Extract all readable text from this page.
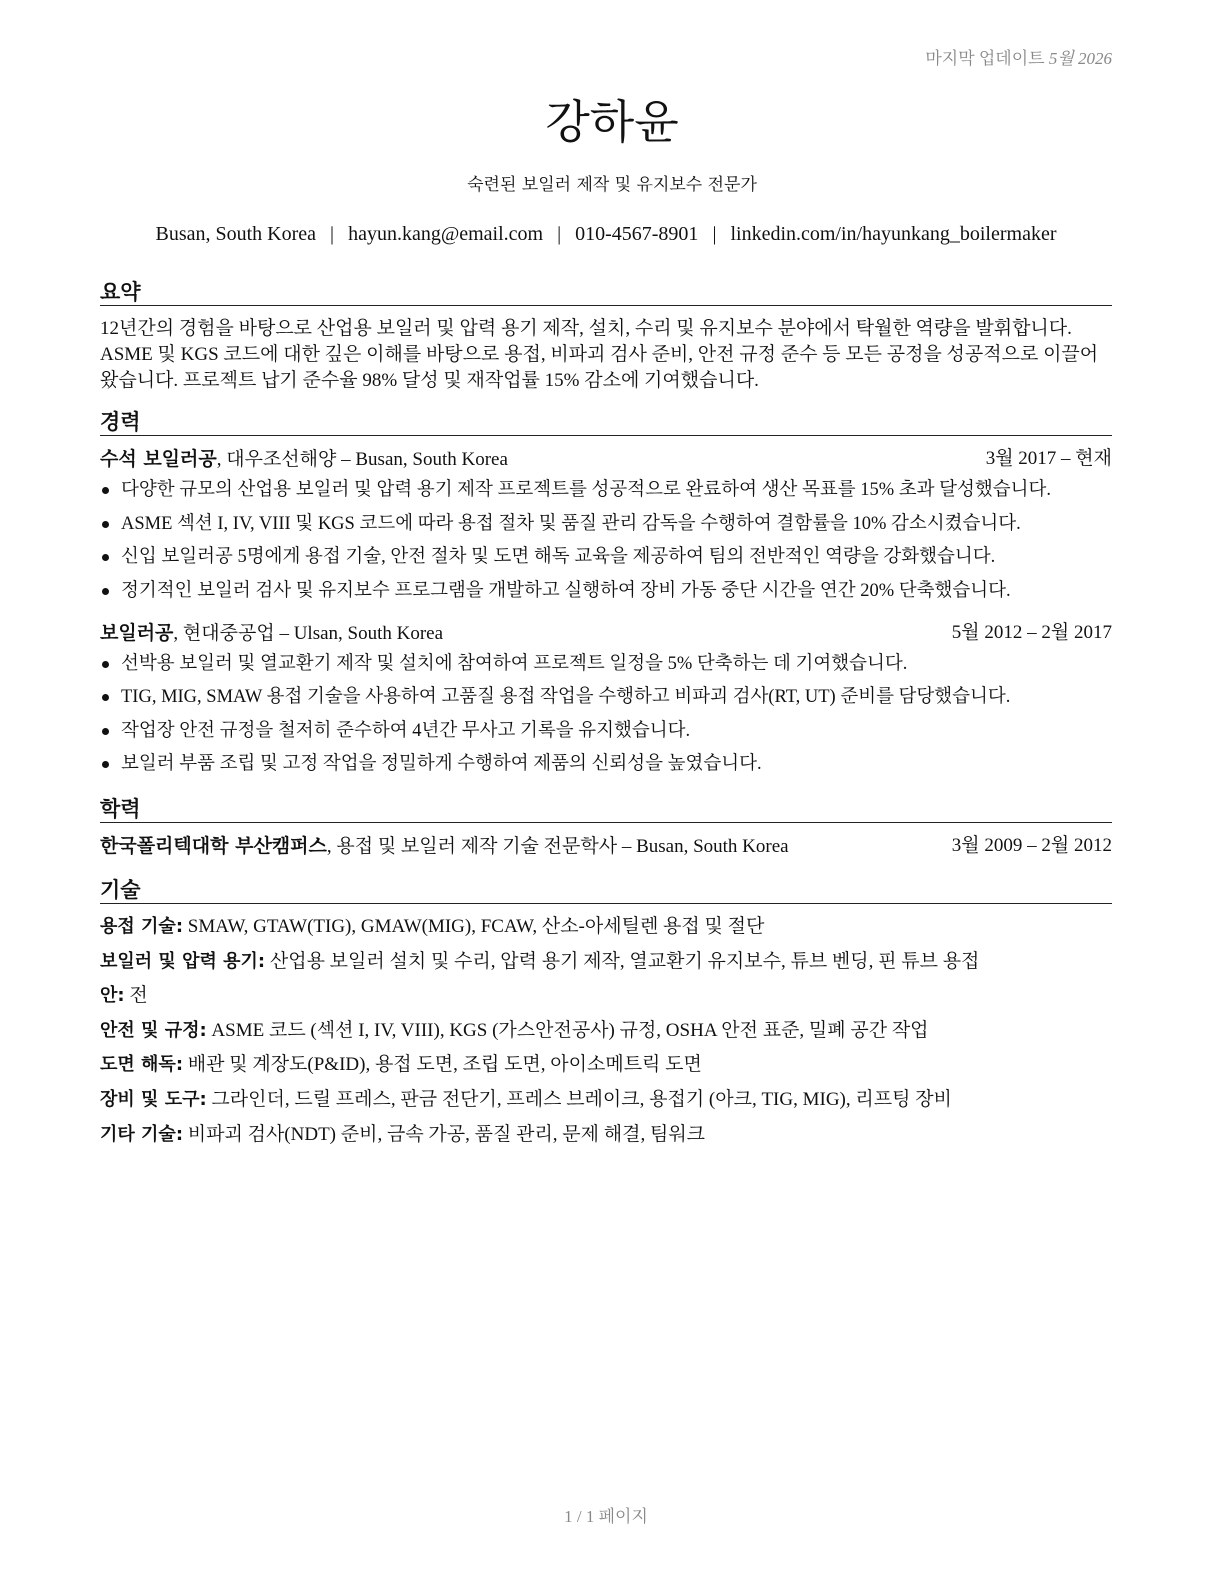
마지막 업데이트 5월 2026
강하윤
숙련된 보일러 제작 및 유지보수 전문가
Busan, South Korea | hayun.kang@email.com | 010-4567-8901 | linkedin.com/in/hayunkang_boilermaker
요약
12년간의 경험을 바탕으로 산업용 보일러 및 압력 용기 제작, 설치, 수리 및 유지보수 분야에서 탁월한 역량을 발휘합니다. ASME 및 KGS 코드에 대한 깊은 이해를 바탕으로 용접, 비파괴 검사 준비, 안전 규정 준수 등 모든 공정을 성공적으로 이끌어 왔습니다. 프로젝트 납기 준수율 98% 달성 및 재작업률 15% 감소에 기여했습니다.
경력
수석 보일러공, 대우조선해양 – Busan, South Korea	3월 2017 – 현재
다양한 규모의 산업용 보일러 및 압력 용기 제작 프로젝트를 성공적으로 완료하여 생산 목표를 15% 초과 달성했습니다.
ASME 섹션 I, IV, VIII 및 KGS 코드에 따라 용접 절차 및 품질 관리 감독을 수행하여 결함률을 10% 감소시켰습니다.
신입 보일러공 5명에게 용접 기술, 안전 절차 및 도면 해독 교육을 제공하여 팀의 전반적인 역량을 강화했습니다.
정기적인 보일러 검사 및 유지보수 프로그램을 개발하고 실행하여 장비 가동 중단 시간을 연간 20% 단축했습니다.
보일러공, 현대중공업 – Ulsan, South Korea	5월 2012 – 2월 2017
선박용 보일러 및 열교환기 제작 및 설치에 참여하여 프로젝트 일정을 5% 단축하는 데 기여했습니다.
TIG, MIG, SMAW 용접 기술을 사용하여 고품질 용접 작업을 수행하고 비파괴 검사(RT, UT) 준비를 담당했습니다.
작업장 안전 규정을 철저히 준수하여 4년간 무사고 기록을 유지했습니다.
보일러 부품 조립 및 고정 작업을 정밀하게 수행하여 제품의 신뢰성을 높였습니다.
학력
한국폴리텍대학 부산캠퍼스, 용접 및 보일러 제작 기술 전문학사 – Busan, South Korea	3월 2009 – 2월 2012
기술
용접 기술: SMAW, GTAW(TIG), GMAW(MIG), FCAW, 산소-아세틸렌 용접 및 절단
보일러 및 압력 용기: 산업용 보일러 설치 및 수리, 압력 용기 제작, 열교환기 유지보수, 튜브 벤딩, 핀 튜브 용접
안: 전
안전 및 규정: ASME 코드 (섹션 I, IV, VIII), KGS (가스안전공사) 규정, OSHA 안전 표준, 밀폐 공간 작업
도면 해독: 배관 및 계장도(P&ID), 용접 도면, 조립 도면, 아이소메트릭 도면
장비 및 도구: 그라인더, 드릴 프레스, 판금 전단기, 프레스 브레이크, 용접기 (아크, TIG, MIG), 리프팅 장비
기타 기술: 비파괴 검사(NDT) 준비, 금속 가공, 품질 관리, 문제 해결, 팀워크
1 / 1 페이지
